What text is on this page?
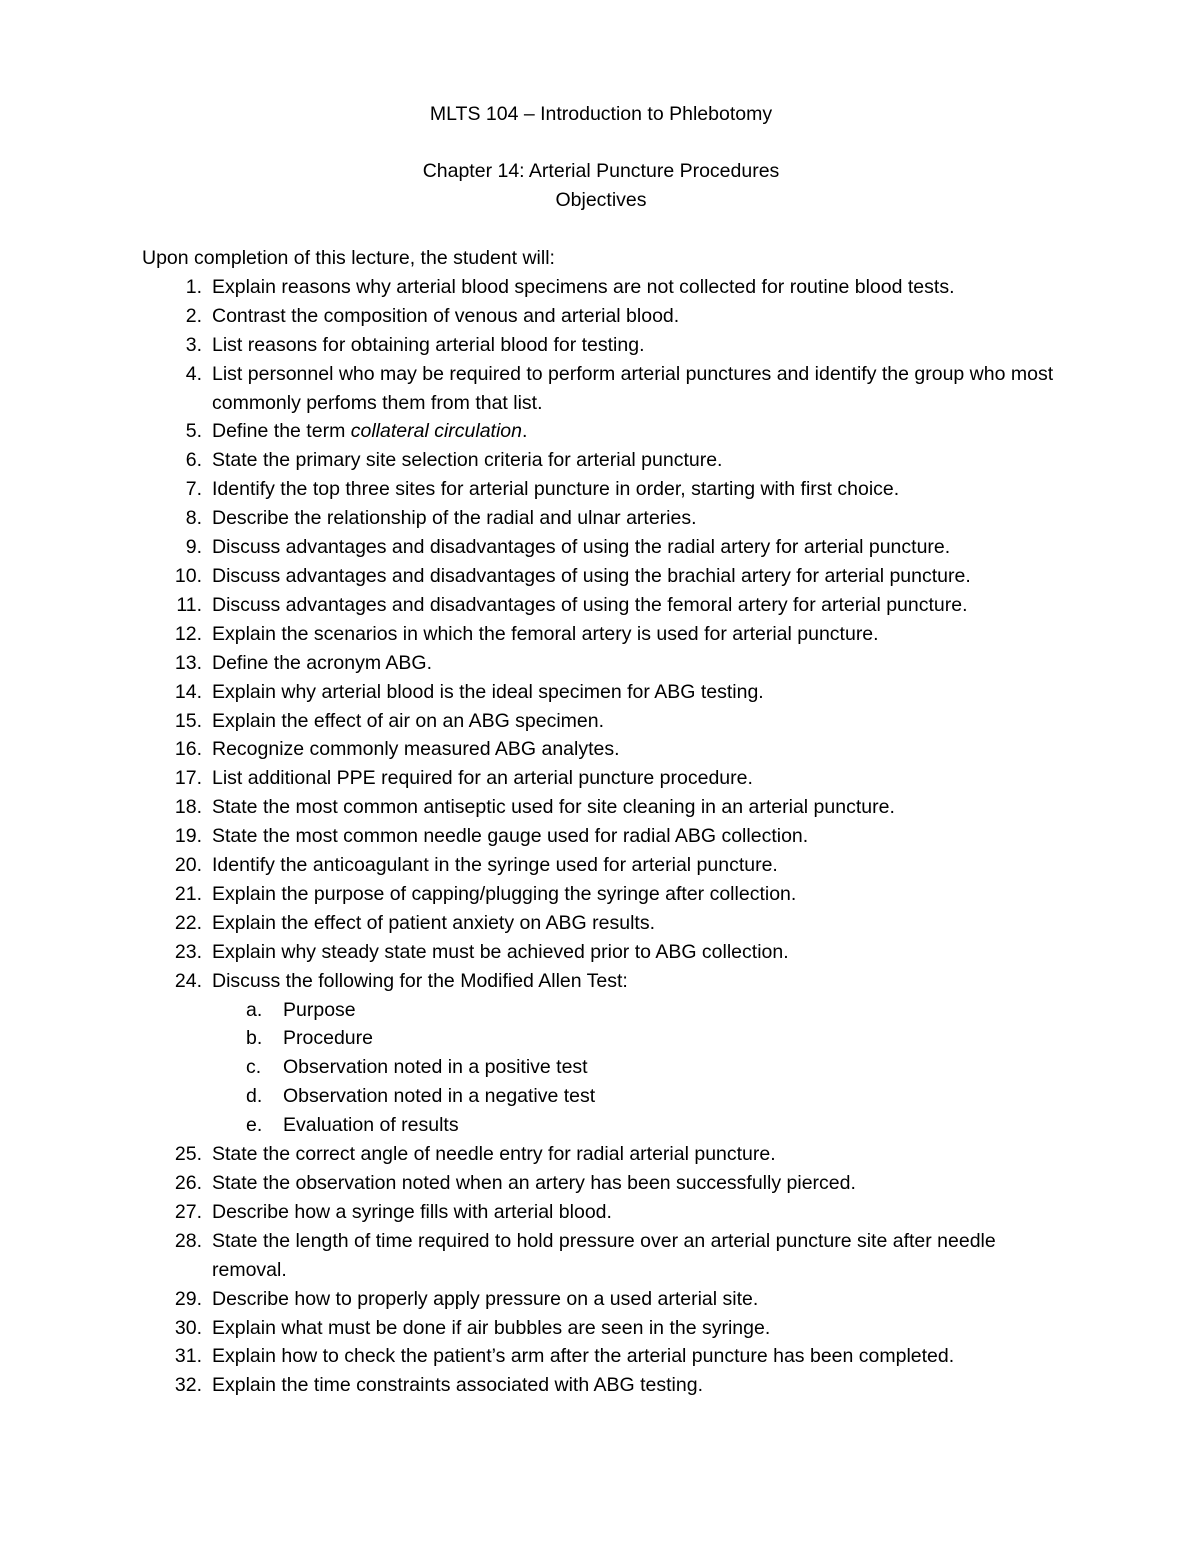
MLTS 104 – Introduction to Phlebotomy
Chapter 14: Arterial Puncture Procedures
Objectives
Upon completion of this lecture, the student will:
1. Explain reasons why arterial blood specimens are not collected for routine blood tests.
2. Contrast the composition of venous and arterial blood.
3. List reasons for obtaining arterial blood for testing.
4. List personnel who may be required to perform arterial punctures and identify the group who most commonly perfoms them from that list.
5. Define the term collateral circulation.
6. State the primary site selection criteria for arterial puncture.
7. Identify the top three sites for arterial puncture in order, starting with first choice.
8. Describe the relationship of the radial and ulnar arteries.
9. Discuss advantages and disadvantages of using the radial artery for arterial puncture.
10. Discuss advantages and disadvantages of using the brachial artery for arterial puncture.
11. Discuss advantages and disadvantages of using the femoral artery for arterial puncture.
12. Explain the scenarios in which the femoral artery is used for arterial puncture.
13. Define the acronym ABG.
14. Explain why arterial blood is the ideal specimen for ABG testing.
15. Explain the effect of air on an ABG specimen.
16. Recognize commonly measured ABG analytes.
17. List additional PPE required for an arterial puncture procedure.
18. State the most common antiseptic used for site cleaning in an arterial puncture.
19. State the most common needle gauge used for radial ABG collection.
20. Identify the anticoagulant in the syringe used for arterial puncture.
21. Explain the purpose of capping/plugging the syringe after collection.
22. Explain the effect of patient anxiety on ABG results.
23. Explain why steady state must be achieved prior to ABG collection.
24. Discuss the following for the Modified Allen Test:
a.	Purpose
b.	Procedure
c.	Observation noted in a positive test
d.	Observation noted in a negative test
e.	Evaluation of results
25. State the correct angle of needle entry for radial arterial puncture.
26. State the observation noted when an artery has been successfully pierced.
27. Describe how a syringe fills with arterial blood.
28. State the length of time required to hold pressure over an arterial puncture site after needle removal.
29. Describe how to properly apply pressure on a used arterial site.
30. Explain what must be done if air bubbles are seen in the syringe.
31. Explain how to check the patient’s arm after the arterial puncture has been completed.
32. Explain the time constraints associated with ABG testing.
